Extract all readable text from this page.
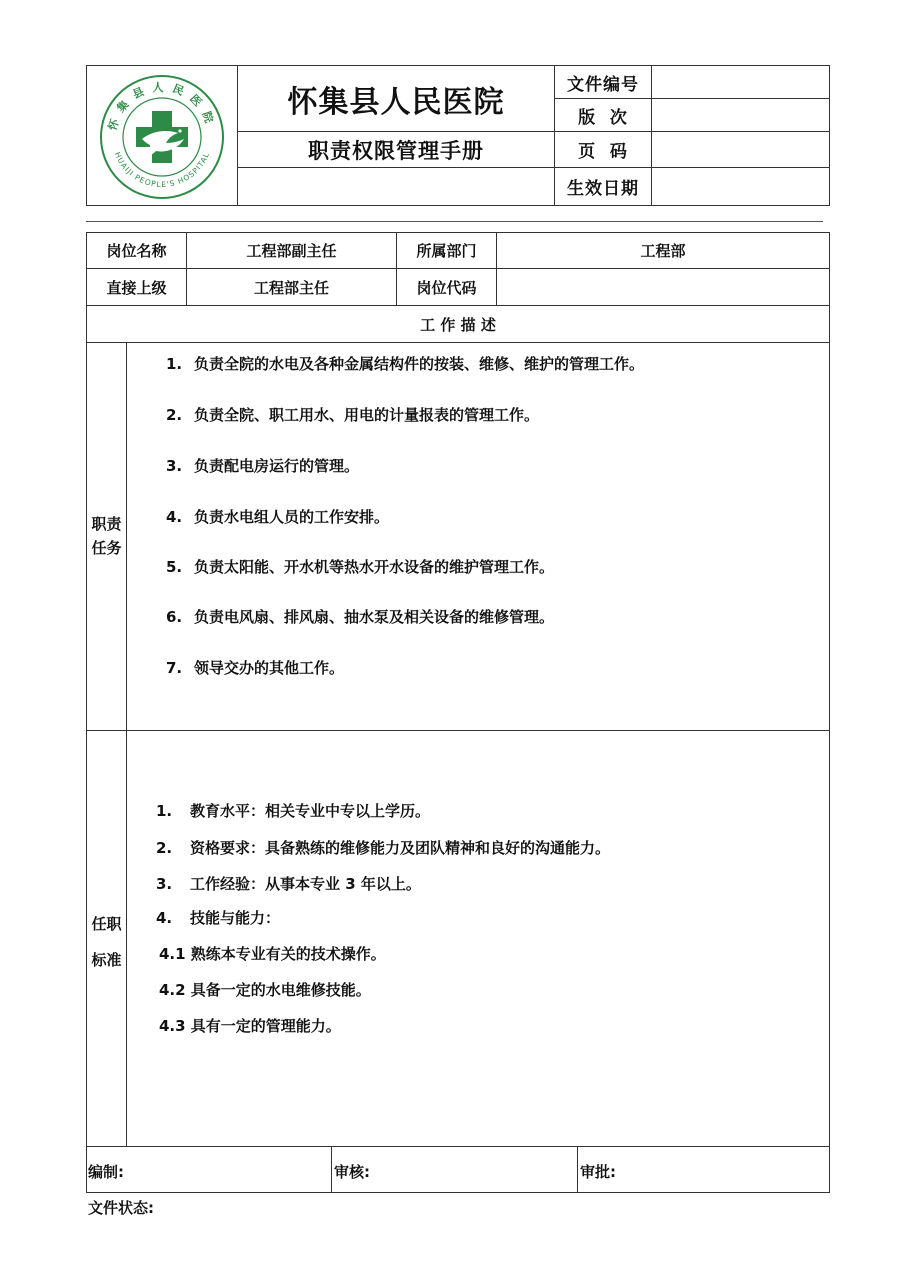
怀集县人民医院
HUAIJI PEOPLE'S HOSPITAL
怀集县人民医院
职责权限管理手册
文件编号
版  次
页  码
生效日期
岗位名称	工程部副主任	所属部门	工程部
直接上级	工程部主任	岗位代码
工 作 描 述
职责
任务
1. 负责全院的水电及各种金属结构件的按装、维修、维护的管理工作。
2. 负责全院、职工用水、用电的计量报表的管理工作。
3. 负责配电房运行的管理。
4. 负责水电组人员的工作安排。
5. 负责太阳能、开水机等热水开水设备的维护管理工作。
6. 负责电风扇、排风扇、抽水泵及相关设备的维修管理。
7. 领导交办的其他工作。
任职
标准
1. 教育水平：相关专业中专以上学历。
2. 资格要求：具备熟练的维修能力及团队精神和良好的沟通能力。
3. 工作经验：从事本专业 3 年以上。
4. 技能与能力：
4.1 熟练本专业有关的技术操作。
4.2 具备一定的水电维修技能。
4.3 具有一定的管理能力。
编制:	审核:	审批:
文件状态:
